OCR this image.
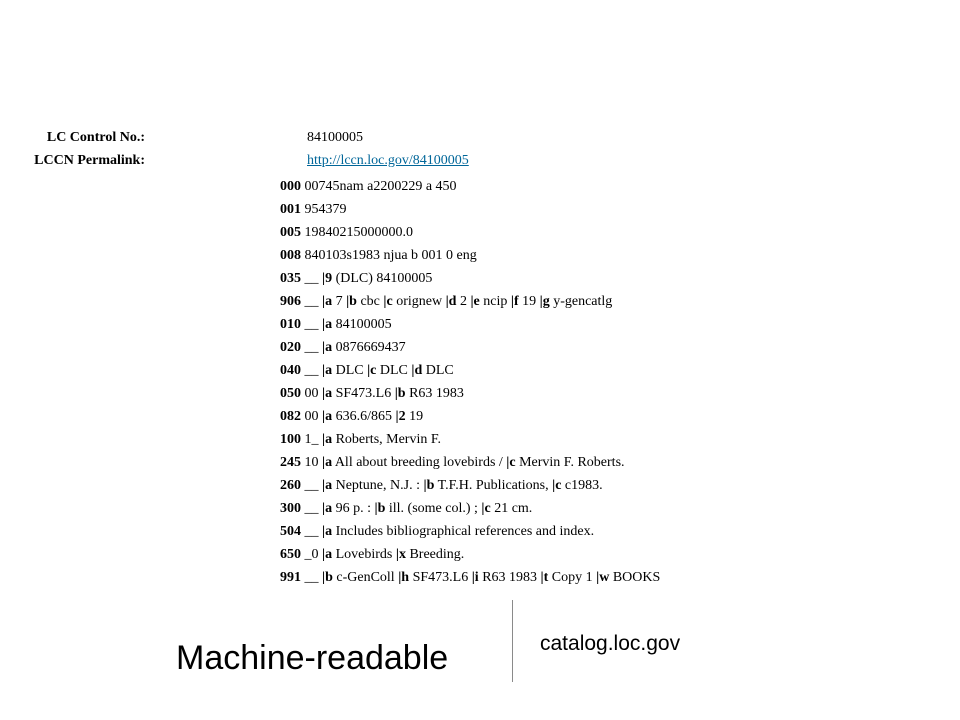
LC Control No.:	84100005
LCCN Permalink:	http://lccn.loc.gov/84100005
000 00745nam a2200229 a 450
001 954379
005 19840215000000.0
008 840103s1983 njua b 001 0 eng
035 __ |9 (DLC) 84100005
906 __ |a 7 |b cbc |c orignew |d 2 |e ncip |f 19 |g y-gencatlg
010 __ |a 84100005
020 __ |a 0876669437
040 __ |a DLC |c DLC |d DLC
050 00 |a SF473.L6 |b R63 1983
082 00 |a 636.6/865 |2 19
100 1_ |a Roberts, Mervin F.
245 10 |a All about breeding lovebirds / |c Mervin F. Roberts.
260 __ |a Neptune, N.J. : |b T.F.H. Publications, |c c1983.
300 __ |a 96 p. : |b ill. (some col.) ; |c 21 cm.
504 __ |a Includes bibliographical references and index.
650 _0 |a Lovebirds |x Breeding.
991 __ |b c-GenColl |h SF473.L6 |i R63 1983 |t Copy 1 |w BOOKS
Machine-readable	catalog.loc.gov
